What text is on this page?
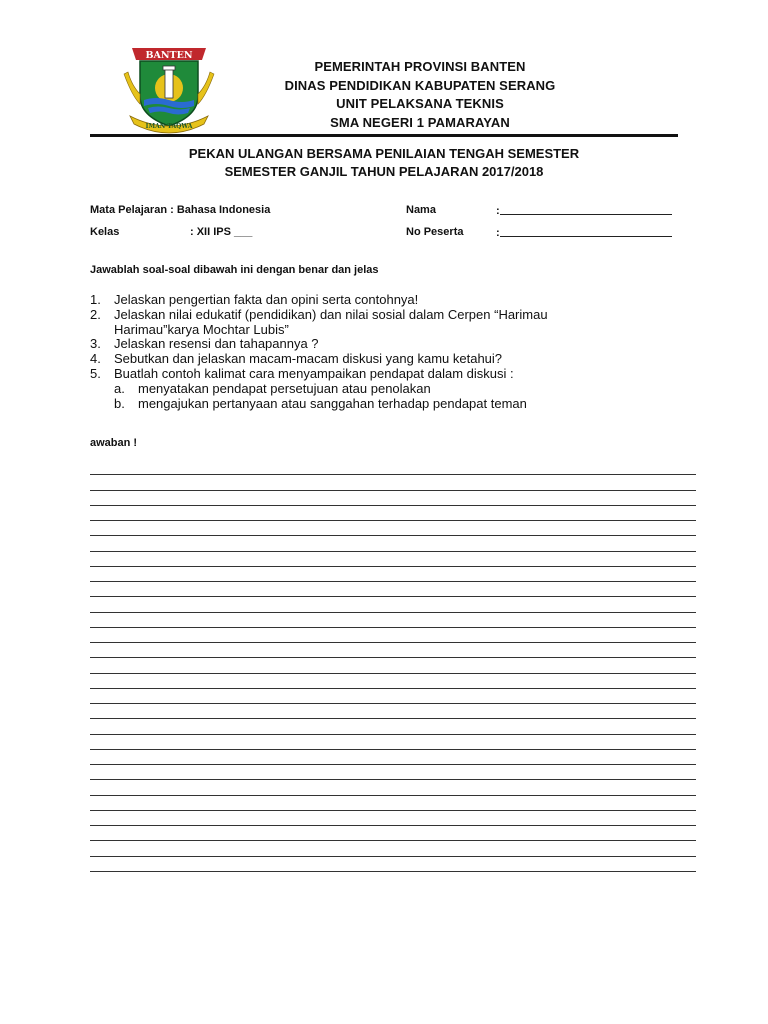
BANTEN
IMAN TAQWA
PEMERINTAH PROVINSI BANTEN
DINAS PENDIDIKAN KABUPATEN SERANG
UNIT PELAKSANA TEKNIS
SMA NEGERI 1 PAMARAYAN
PEKAN ULANGAN BERSAMA PENILAIAN TENGAH SEMESTER
SEMESTER GANJIL TAHUN PELAJARAN 2017/2018
Mata Pelajaran : Bahasa Indonesia
Kelas	: XII IPS ___
Nama	:
No Peserta	:
Jawablah soal-soal dibawah ini dengan benar dan jelas
1. Jelaskan pengertian fakta dan opini serta contohnya!
2. Jelaskan nilai edukatif (pendidikan) dan nilai sosial dalam Cerpen “Harimau
Harimau”karya Mochtar Lubis”
3. Jelaskan resensi dan tahapannya ?
4. Sebutkan dan jelaskan macam-macam diskusi yang kamu ketahui?
5. Buatlah contoh kalimat cara menyampaikan pendapat dalam diskusi :
a. menyatakan pendapat persetujuan atau penolakan
b. mengajukan pertanyaan atau sanggahan terhadap pendapat teman
awaban !
